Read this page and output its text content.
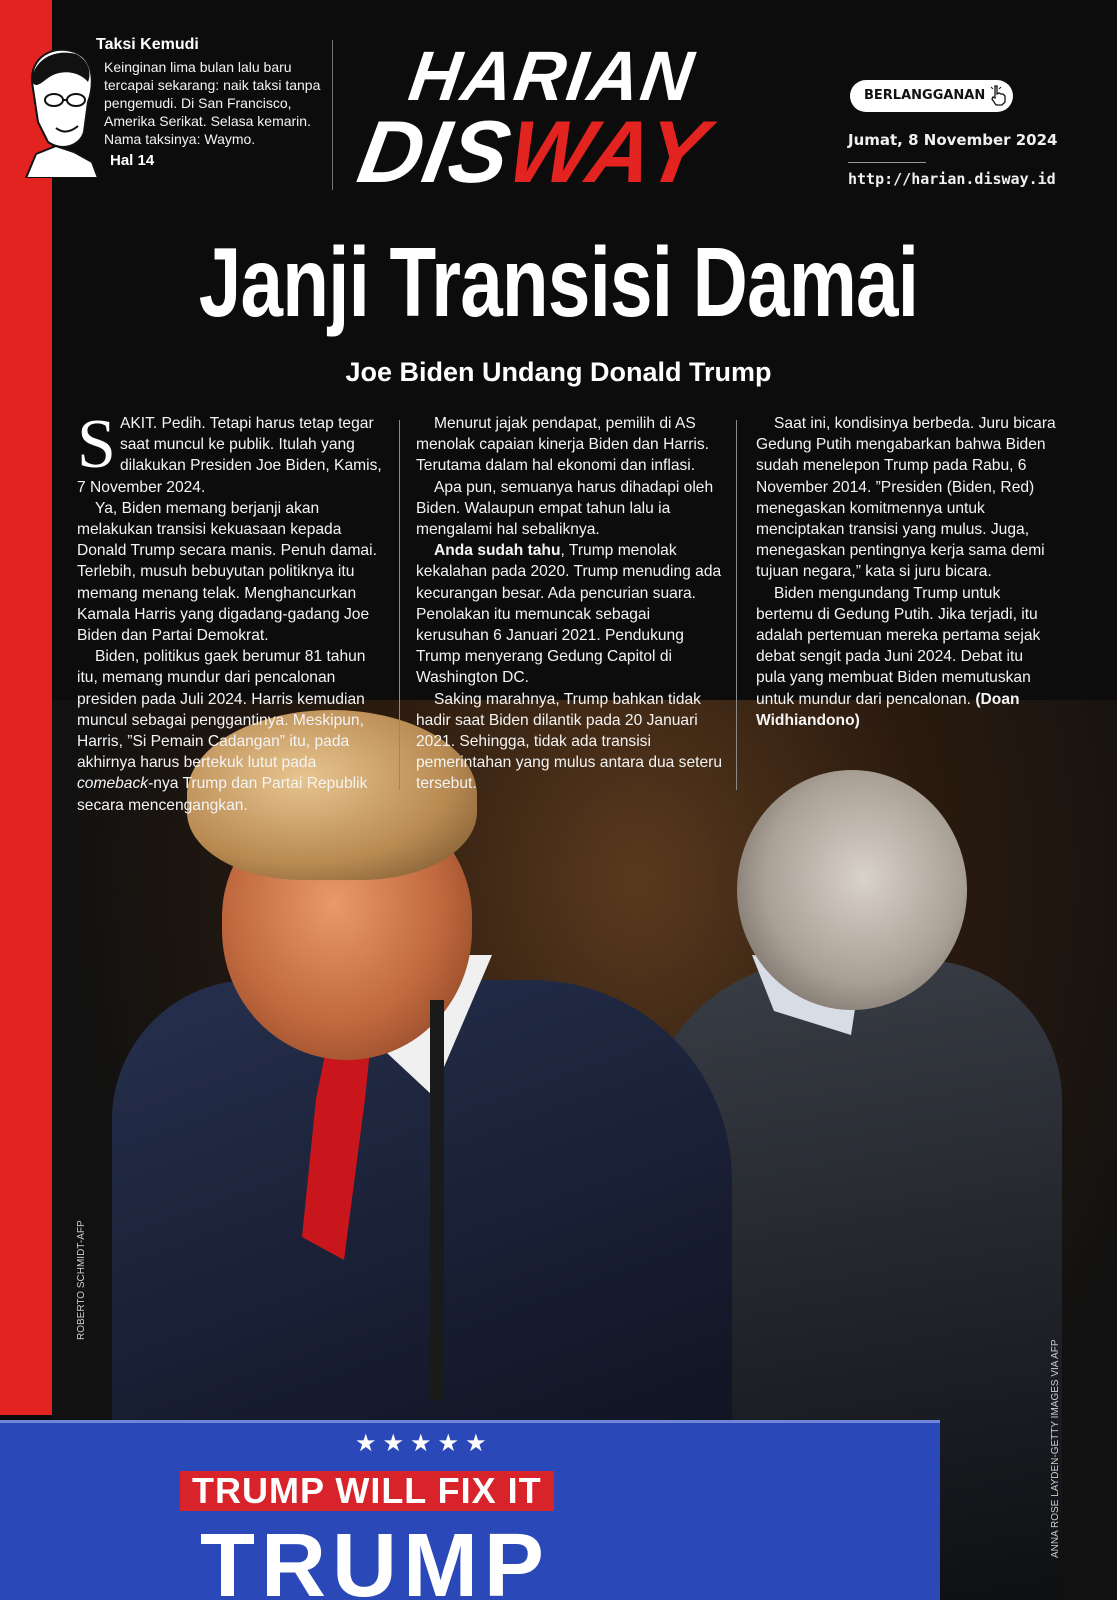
ROBERTO SCHMIDT-AFP
ANNA ROSE LAYDEN-GETTY IMAGES VIA AFP
★★★★★
TRUMP WILL FIX IT
TRUMP
Taksi Kemudi
Keinginan lima bulan lalu baru tercapai sekarang: naik taksi tanpa pengemudi. Di San Francisco, Amerika Serikat. Selasa kemarin. Nama taksinya: Waymo.
Hal 14
HARIAN
DISWAY
BERLANGGANAN
Jumat, 8 November 2024
http://harian.disway.id
Janji Transisi Damai
Joe Biden Undang Donald Trump

SAKIT. Pedih. Tetapi harus tetap tegar saat muncul ke publik. Itulah yang dilakukan Presiden Joe Biden, Kamis, 7 November 2024.

Ya, Biden memang berjanji akan melakukan transisi kekuasaan kepada Donald Trump secara manis. Penuh damai. Terlebih, musuh bebuyutan politiknya itu memang menang telak. Menghancurkan Kamala Harris yang digadang-gadang Joe Biden dan Partai Demokrat.

Biden, politikus gaek berumur 81 tahun itu, memang mundur dari pencalonan presiden pada Juli 2024. Harris kemudian muncul sebagai penggantinya. Meskipun, Harris, ”Si Pemain Cadangan” itu, pada akhirnya harus bertekuk lutut pada comeback-nya Trump dan Partai Republik secara mencengangkan.

Menurut jajak pendapat, pemilih di AS menolak capaian kinerja Biden dan Harris. Terutama dalam hal ekonomi dan inflasi.

Apa pun, semuanya harus dihadapi oleh Biden. Walaupun empat tahun lalu ia mengalami hal sebaliknya.

Anda sudah tahu, Trump menolak kekalahan pada 2020. Trump menuding ada kecurangan besar. Ada pencurian suara. Penolakan itu memuncak sebagai kerusuhan 6 Januari 2021. Pendukung Trump menyerang Gedung Capitol di Washington DC.

Saking marahnya, Trump bahkan tidak hadir saat Biden dilantik pada 20 Januari 2021. Sehingga, tidak ada transisi pemerintahan yang mulus antara dua seteru tersebut.

Saat ini, kondisinya berbeda. Juru bicara Gedung Putih mengabarkan bahwa Biden sudah menelepon Trump pada Rabu, 6 November 2014. ”Presiden (Biden, Red) menegaskan komitmennya untuk menciptakan transisi yang mulus. Juga, menegaskan pentingnya kerja sama demi tujuan negara,” kata si juru bicara.

Biden mengundang Trump untuk bertemu di Gedung Putih. Jika terjadi, itu adalah pertemuan mereka pertama sejak debat sengit pada Juni 2024. Debat itu pula yang membuat Biden memutuskan untuk mundur dari pencalonan. (Doan Widhiandono)
